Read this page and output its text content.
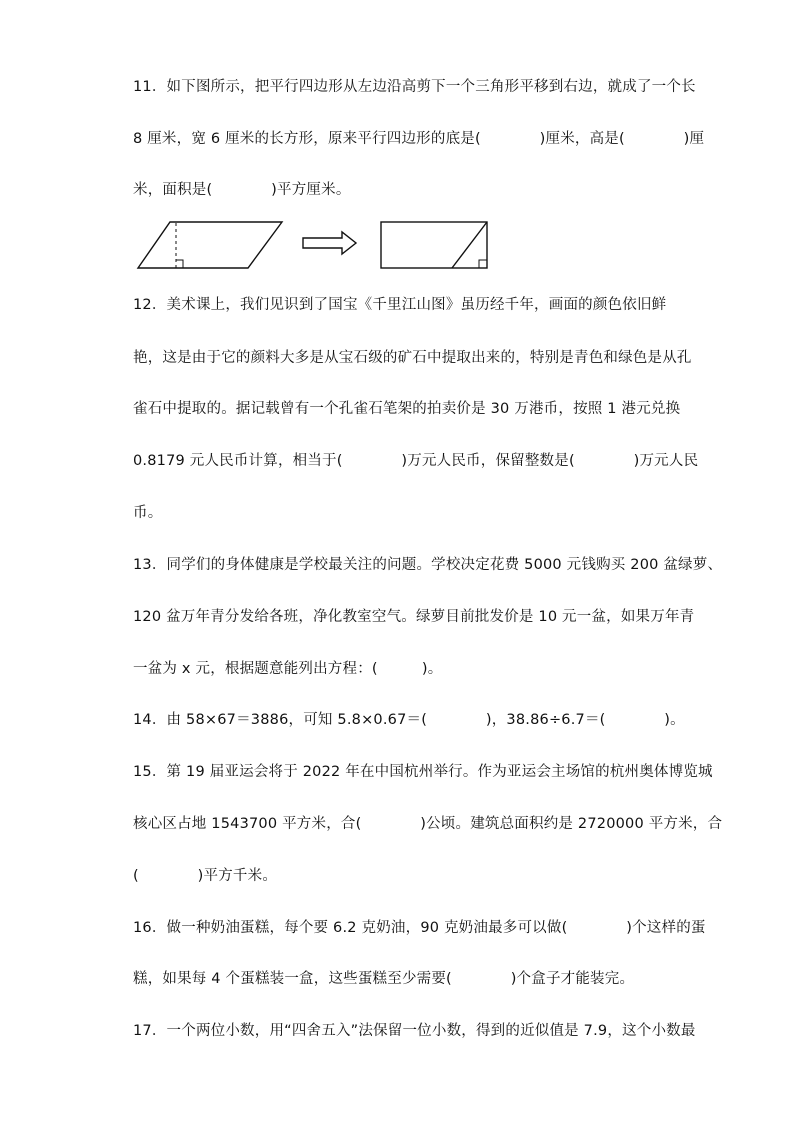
11．如下图所示，把平行四边形从左边沿高剪下一个三角形平移到右边，就成了一个长
8 厘米，宽 6 厘米的长方形，原来平行四边形的底是(　　　　)厘米，高是(　　　　)厘
米，面积是(　　　　)平方厘米。
12．美术课上，我们见识到了国宝《千里江山图》虽历经千年，画面的颜色依旧鲜
艳，这是由于它的颜料大多是从宝石级的矿石中提取出来的，特别是青色和绿色是从孔
雀石中提取的。据记载曾有一个孔雀石笔架的拍卖价是 30 万港币，按照 1 港元兑换
0.8179 元人民币计算，相当于(　　　　)万元人民币，保留整数是(　　　　)万元人民
币。
13．同学们的身体健康是学校最关注的问题。学校决定花费 5000 元钱购买 200 盆绿萝、
120 盆万年青分发给各班，净化教室空气。绿萝目前批发价是 10 元一盆，如果万年青
一盆为 x 元，根据题意能列出方程：(　　　)。
14．由 58×67＝3886，可知 5.8×0.67＝(　　　　)，38.86÷6.7＝(　　　　)。
15．第 19 届亚运会将于 2022 年在中国杭州举行。作为亚运会主场馆的杭州奥体博览城
核心区占地 1543700 平方米，合(　　　　)公顷。建筑总面积约是 2720000 平方米，合
(　　　　)平方千米。
16．做一种奶油蛋糕，每个要 6.2 克奶油，90 克奶油最多可以做(　　　　)个这样的蛋
糕，如果每 4 个蛋糕装一盒，这些蛋糕至少需要(　　　　)个盒子才能装完。
17．一个两位小数，用“四舍五入”法保留一位小数，得到的近似值是 7.9，这个小数最
